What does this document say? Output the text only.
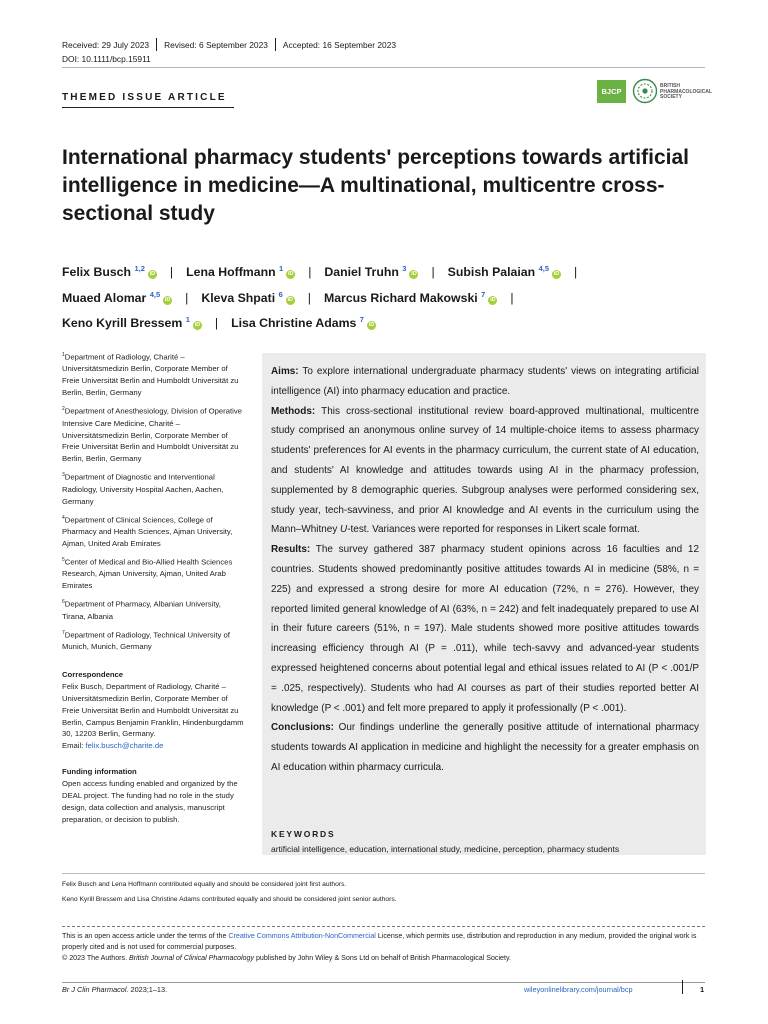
Received: 29 July 2023	Revised: 6 September 2023	Accepted: 16 September 2023
DOI: 10.1111/bcp.15911
THEMED ISSUE ARTICLE
BJCP
BRITISH
PHARMACOLOGICAL
SOCIETY
International pharmacy students' perceptions towards artificial intelligence in medicine—A multinational, multicentre cross-sectional study
Felix Busch $^{1,2}$iD | Lena Hoffmann $^1$iD | Daniel Truhn $^3$iD | Subish Palaian $^{4,5}$iD |
Muaed Alomar $^{4,5}$iD | Kleva Shpati $^6$iD | Marcus Richard Makowski $^7$iD |
Keno Kyrill Bressem $^1$iD | Lisa Christine Adams $^7$iD
$^1$Department of Radiology, Charité – Universitätsmedizin Berlin, Corporate Member of Freie Universität Berlin and Humboldt Universität zu Berlin, Berlin, Germany
$^2$Department of Anesthesiology, Division of Operative Intensive Care Medicine, Charité – Universitätsmedizin Berlin, Corporate Member of Freie Universität Berlin and Humboldt Universität zu Berlin, Berlin, Germany
$^3$Department of Diagnostic and Interventional Radiology, University Hospital Aachen, Aachen, Germany
$^4$Department of Clinical Sciences, College of Pharmacy and Health Sciences, Ajman University, Ajman, United Arab Emirates
$^5$Center of Medical and Bio-Allied Health Sciences Research, Ajman University, Ajman, United Arab Emirates
$^6$Department of Pharmacy, Albanian University, Tirana, Albania
$^7$Department of Radiology, Technical University of Munich, Munich, Germany
Correspondence
Felix Busch, Department of Radiology, Charité – Universitätsmedizin Berlin, Corporate Member of Freie Universität Berlin and Humboldt Universität zu Berlin, Campus Benjamin Franklin, Hindenburgdamm 30, 12203 Berlin, Germany.
Email: felix.busch@charite.de
Funding information
Open access funding enabled and organized by the DEAL project. The funding had no role in the study design, data collection and analysis, manuscript preparation, or decision to publish.

Aims: To explore international undergraduate pharmacy students' views on integrating artificial intelligence (AI) into pharmacy education and practice.

Methods: This cross-sectional institutional review board-approved multinational, multicentre study comprised an anonymous online survey of 14 multiple-choice items to assess pharmacy students' preferences for AI events in the pharmacy curriculum, the current state of AI education, and students' AI knowledge and attitudes towards using AI in the pharmacy profession, supplemented by 8 demographic queries. Subgroup analyses were performed considering sex, study year, tech-savviness, and prior AI knowledge and AI events in the curriculum using the Mann–Whitney U-test. Variances were reported for responses in Likert scale format.

Results: The survey gathered 387 pharmacy student opinions across 16 faculties and 12 countries. Students showed predominantly positive attitudes towards AI in medicine (58%, n = 225) and expressed a strong desire for more AI education (72%, n = 276). However, they reported limited general knowledge of AI (63%, n = 242) and felt inadequately prepared to use AI in their future careers (51%, n = 197). Male students showed more positive attitudes towards increasing efficiency through AI (P = .011), while tech-savvy and advanced-year students expressed heightened concerns about potential legal and ethical issues related to AI (P < .001/P = .025, respectively). Students who had AI courses as part of their studies reported better AI knowledge (P < .001) and felt more prepared to apply it professionally (P < .001).

Conclusions: Our findings underline the generally positive attitude of international pharmacy students towards AI application in medicine and highlight the necessity for a greater emphasis on AI education within pharmacy curricula.

KEYWORDS
artificial intelligence, education, international study, medicine, perception, pharmacy students
Felix Busch and Lena Hoffmann contributed equally and should be considered joint first authors.
Keno Kyrill Bressem and Lisa Christine Adams contributed equally and should be considered joint senior authors.
This is an open access article under the terms of the Creative Commons Attribution-NonCommercial License, which permits use, distribution and reproduction in any medium, provided the original work is properly cited and is not used for commercial purposes.
© 2023 The Authors. British Journal of Clinical Pharmacology published by John Wiley & Sons Ltd on behalf of British Pharmacological Society.
Br J Clin Pharmacol. 2023;1–13.	wileyonlinelibrary.com/journal/bcp	1
